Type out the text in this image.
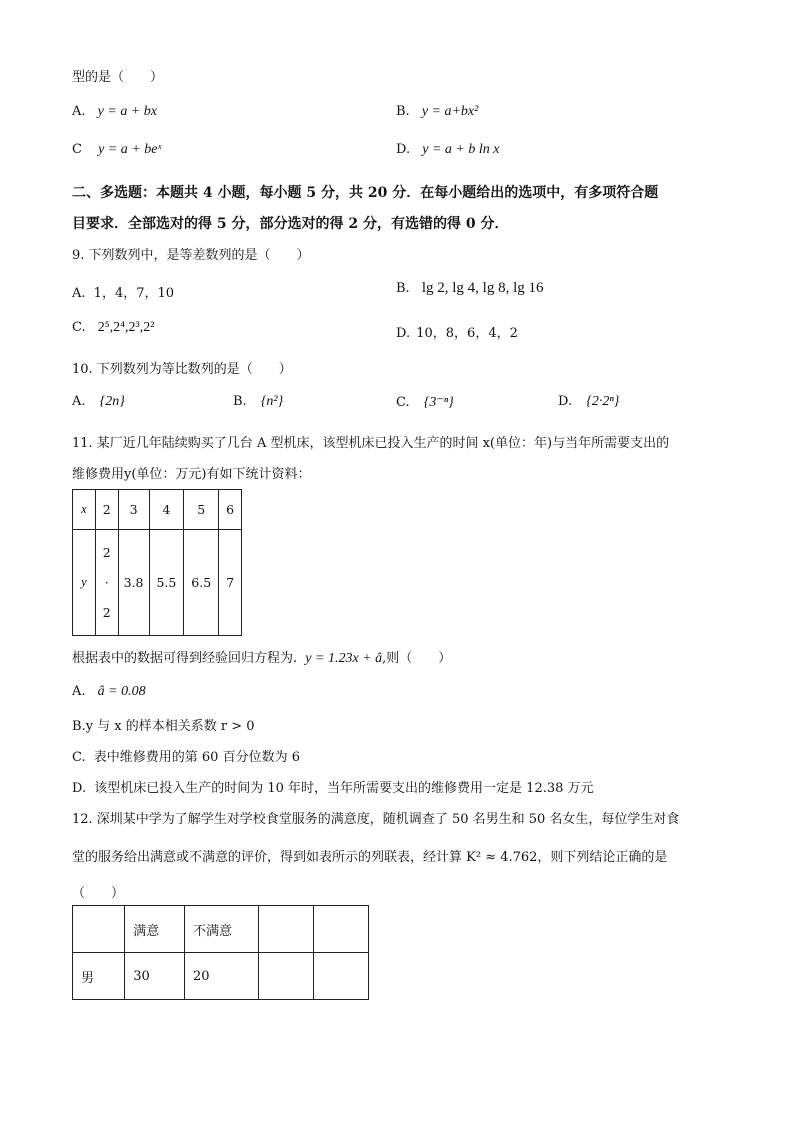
型的是（　　）
A. y = a + bx	B. y = a+bx²
C y = a + beˣ	D. y = a + b ln x
二、多选题：本题共 4 小题，每小题 5 分，共 20 分．在每小题给出的选项中，有多项符合题
目要求．全部选对的得 5 分，部分选对的得 2 分，有选错的得 0 分．
9. 下列数列中，是等差数列的是（　　）
A. 1，4，7，10	B. lg 2, lg 4, lg 8, lg 16
C. 2⁵,2⁴,2³,2²	D. 10，8，6，4，2
10. 下列数列为等比数列的是（　　）
A. {2n}	B. {n²}	C. {3⁻ⁿ}	D. {2·2ⁿ}
11. 某厂近几年陆续购买了几台 A 型机床，该型机床已投入生产的时间 x(单位：年)与当年所需要支出的
维修费用y(单位：万元)有如下统计资料：
x	2	3	4	5	6
y	2
·
2	3.8	5.5	6.5	7
根据表中的数据可得到经验回归方程为. y = 1.23x + â,则（　　）
A. â = 0.08
B.y 与 x 的样本相关系数 r > 0
C. 表中维修费用的第 60 百分位数为 6
D. 该型机床已投入生产的时间为 10 年时，当年所需要支出的维修费用一定是 12.38 万元
12. 深圳某中学为了解学生对学校食堂服务的满意度，随机调查了 50 名男生和 50 名女生，每位学生对食
堂的服务给出满意或不满意的评价，得到如表所示的列联表，经计算 K² ≈ 4.762，则下列结论正确的是
（　　）
	满意	不满意		
男	30	20		
